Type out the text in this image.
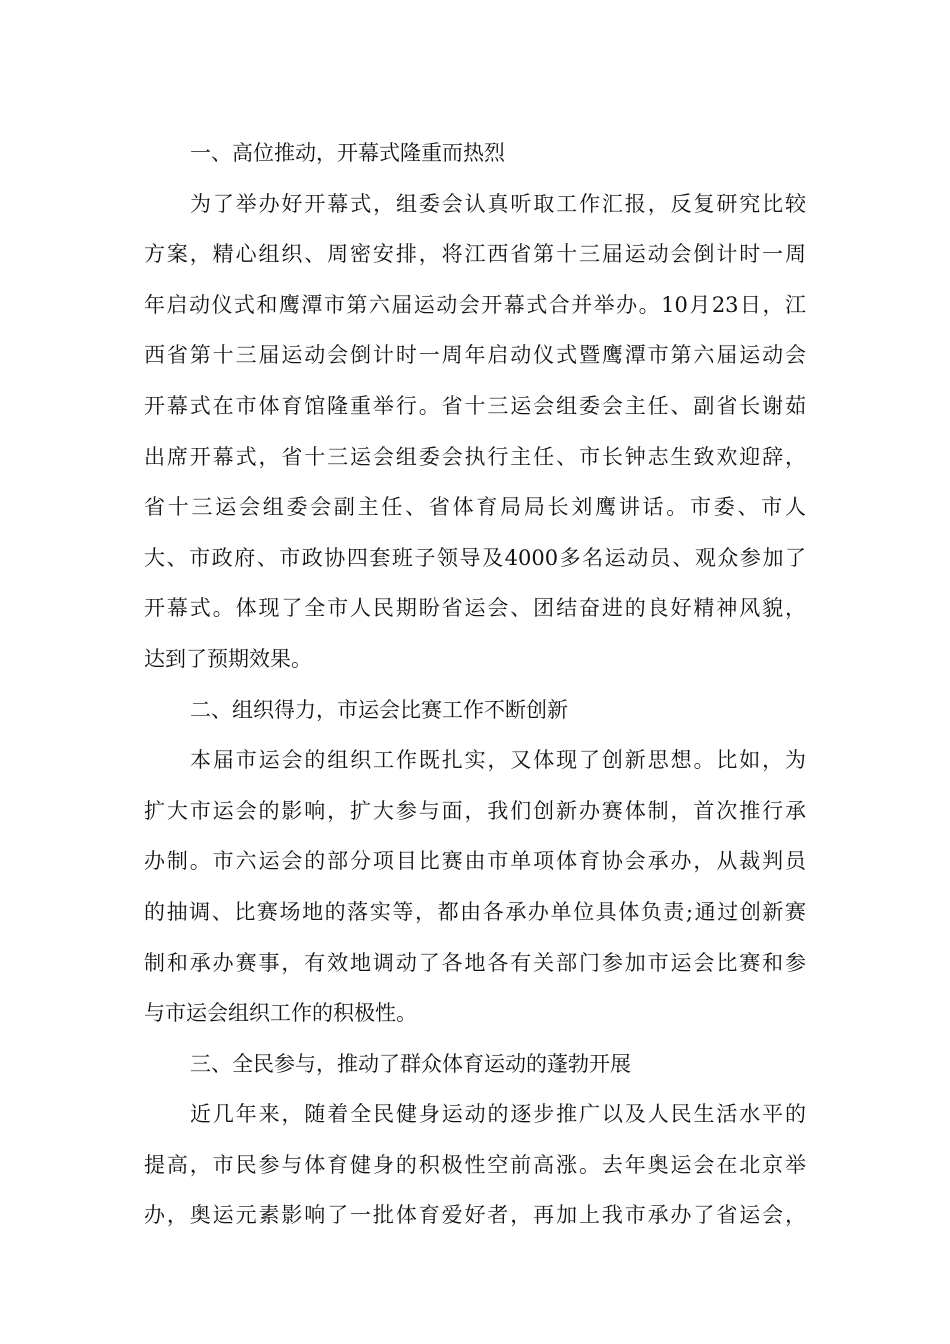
一、高位推动，开幕式隆重而热烈
为了举办好开幕式，组委会认真听取工作汇报，反复研究比较
方案，精心组织、周密安排，将江西省第十三届运动会倒计时一周
年启动仪式和鹰潭市第六届运动会开幕式合并举办。10月23日，江
西省第十三届运动会倒计时一周年启动仪式暨鹰潭市第六届运动会
开幕式在市体育馆隆重举行。省十三运会组委会主任、副省长谢茹
出席开幕式，省十三运会组委会执行主任、市长钟志生致欢迎辞，
省十三运会组委会副主任、省体育局局长刘鹰讲话。市委、市人
大、市政府、市政协四套班子领导及4000多名运动员、观众参加了
开幕式。体现了全市人民期盼省运会、团结奋进的良好精神风貌，
达到了预期效果。
二、组织得力，市运会比赛工作不断创新
本届市运会的组织工作既扎实，又体现了创新思想。比如，为
扩大市运会的影响，扩大参与面，我们创新办赛体制，首次推行承
办制。市六运会的部分项目比赛由市单项体育协会承办，从裁判员
的抽调、比赛场地的落实等，都由各承办单位具体负责;通过创新赛
制和承办赛事，有效地调动了各地各有关部门参加市运会比赛和参
与市运会组织工作的积极性。
三、全民参与，推动了群众体育运动的蓬勃开展
近几年来，随着全民健身运动的逐步推广以及人民生活水平的
提高，市民参与体育健身的积极性空前高涨。去年奥运会在北京举
办，奥运元素影响了一批体育爱好者，再加上我市承办了省运会，
